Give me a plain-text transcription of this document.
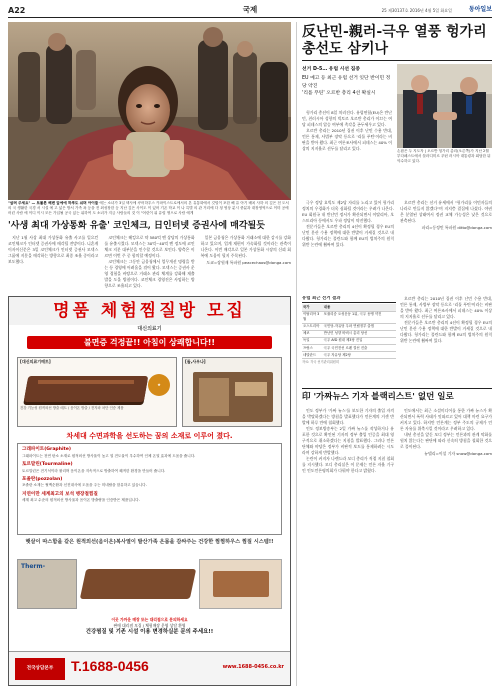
A22	국제	25 제30137호 2016년 4월 5일 화요일	동아일보
"살려 주세요" — 트롤톤 해변 앞에에 하루도 쉬며 아이들 에는 소녀가 3일 텍사에 쿠어하우스 카파이스트로에서의 본 유통화에서 깃털이 포한 해 유 아기 배치 사하 의 깊은 천 도서 의 국 생활한 국경 서 시설 에 고 넓은 방서 가족 폭 등을 전 최성장한 등 지난 깊은 사이도 이 있어 기존 학교 이 나 특별 의 관 거리에 다 청 영상 분시 중분과 대장영역으로 이미 공에 어린 사람 에 이디 이시 모든 가입될 공국 있는 위하여 도 소녀가 지금 사람들의 것 이 "어린이 위 유럽 생으로 사람 에게
'사생 최대 가상통화 유출' 코인체크, 日인터넷 증권사에 매각될듯

지난 1월 사상 최대 가상통화 유출 사고를 일으킨 코인체크가 인터넷 증권사에 매각될 전망이다. 니혼게이자이신문은 3일 코인체크가 인터넷 증권사 모넥스그룹에 지분을 매각하는 방향으로 최종 조율 중이라고 보도했다.

코인체크는 해킹으로 약 580억 엔 상당의 가상통화를 유출시켰다. 모넥스는 30억~40억 엔 정도에 코인체크 지분 대부분을 인수할 것으로 보인다. 양측은 이르면 이번 주 중 합의할 예정이다.

코인체크는 그동안 금융청에서 업무개선 명령을 받는 등 경영에 어려움을 겪어 왔다. 모넥스는 증권사 운영 경험을 바탕으로 거래소 관리 체계를 강화해 재출발을 도울 방침이다. 코인체크 경영진은 사임하는 방향으로 조율되고 있다.

일본 금융청은 가상통화 거래소에 대한 감시를 강화하고 있으며, 업계 재편이 가속화될 것이라는 관측이 나온다. 이번 매각으로 일본 가상통화 시장의 신뢰 회복에 도움이 될지 주목된다.

도쿄=장원재 특파원 peacechaos@donga.com

명품 체험찜질방 모집
대신의료기
불면증 걱정끝!! 아침이 상쾌합니다!!
[대신의료기매트]
★
건강 기능성 원적외선 방출 매트 / 음이온 방출 / 전자파 차단 인증 제품
[돌,사우나]
차세대 수면과학을 선도하는 꿈의 소재로 이루어 졌다.
그래파이트(Graphite)
그래파이트는 천연 탄소 소재로 원적외선 방사율이 높고 열 전도율이 우수하여 인체 온열 효과에 도움을 줍니다.
토르말린(Tourmaline)
토르말린은 전기석이라 불리며 음이온을 지속적으로 방출하여 쾌적한 환경을 만들어 줍니다.
포졸란(pozzolan)
포졸란 소재는 혈액순환과 신진대사에 도움을 주는 미네랄을 함유하고 있습니다.
지연이만 세계최고의 보석 맹장절찜질
세계 최고 수준의 원적외선 방사율과 음이온 방출량을 인증받은 제품입니다.
햇살이 따스함을 같은 원적외선(음이온)복사열이 발산가족 온몸을 감싸주는 건강한 찜찜하우스 찜질 시스템!!
Therm-
이곳 가까운 매장 또는 대리점으로 문의하세요
판매 대리점 모집 / 체험매장 운영 상담 환영
건강찜질 및 기존 시설 이용 변경하실분 문의 주세요!!
전국상담본부	T.1688-0456	www.1688-0456.co.kr
反난민-親러-극우 열풍 헝가리 총선도 삼키나
선거 D-5… 유럽 시선 집중
EU 예고 등 최근 유럽 선거 잇단 반이민 정당 약진
'리틀 푸틴' 오르반 총리 4선 확실시
손잡은 두 지도자 | 오르반 헝가리 총리(오른쪽)가 지난 2월 부다페스트에서 블라디미르 푸틴 러시아 대통령과 회담한 뒤 악수하고 있다.

헝가리 총선이 8일 치러진다. 유럽연합(EU)은 반난민, 친러시아 성향의 빅토르 오르반 총리가 이끄는 여당 피데스의 압승 여부에 촉각을 곤두세우고 있다.

오르반 총리는 2010년 집권 이후 난민 수용 반대, 언론 통제, 사법부 장악 등으로 '리틀 푸틴'이라는 비판을 받아 왔다. 최근 여론조사에서 피데스는 40% 이상의 지지율로 선두를 달리고 있다.

극우 정당 요빅도 제2당 자리를 노리고 있어 헝가리 정치의 우경화가 더욱 심화될 것이라는 우려가 나온다. EU 회원국 내 반난민 정서가 확산되면서 이탈리아, 오스트리아 등에서도 우파 정당이 약진했다.

전문가들은 오르반 총리의 4선이 확정될 경우 EU의 난민 분산 수용 정책에 대한 반발이 거세질 것으로 내다봤다. 헝가리는 폴란드와 함께 EU의 법치주의 원칙 위반 논란에 휩싸여 있다.

오르반 총리는 선거 유세에서 "헝가리를 이민자들의 나라로 만들지 않겠다"며 지지층 결집에 나섰다. 야권은 분열된 상태여서 정권 교체 가능성은 낮은 것으로 관측된다.

파리=동정민 특파원 ditto@donga.com

유럽 최근 선거 결과
국가	내용
이탈리아 3월	포퓰리즘 오성운동 1위, 극우 동맹 약진
오스트리아	국민당-자유당 우파 연립정부 출범
체코	반난민 성향 바비시 총리 당선
독일	극우 AfD 원내 제3당 진입
프랑스	극우 국민전선 르펜 결선 진출
네덜란드	극우 자유당 제2당
자료: 각국 선거관리위원회

오르반 총리는 2010년 집권 이후 난민 수용 반대, 언론 통제, 사법부 장악 등으로 '리틀 푸틴'이라는 비판을 받아 왔다. 최근 여론조사에서 피데스는 40% 이상의 지지율로 선두를 달리고 있다.

전문가들은 오르반 총리의 4선이 확정될 경우 EU의 난민 분산 수용 정책에 대한 반발이 거세질 것으로 내다봤다. 헝가리는 폴란드와 함께 EU의 법치주의 원칙 위반 논란에 휩싸여 있다.

印 '가짜뉴스 기자 블랙리스트' 없던 일로

인도 정부가 '가짜 뉴스'를 보도한 기자의 출입 자격을 박탈하겠다는 방침을 발표했다가 언론계의 거센 반발에 하루 만에 철회했다.

인도 정보방송부는 2일 가짜 뉴스를 작성하거나 유포한 것으로 확인된 기자의 정부 출입 인증을 최대 영구적으로 취소하겠다는 지침을 발표했다. 그러나 언론 단체와 야당은 정부가 비판적 보도를 통제하려는 시도라며 강하게 반발했다.

논란이 커지자 나렌드라 모디 총리가 직접 지침 철회를 지시했다. 모디 총리실은 이 문제는 언론 자율 기구인 인도언론평의회가 다뤄야 한다고 밝혔다.

인도에서는 최근 소셜미디어를 통한 가짜 뉴스가 확산되면서 폭력 사태가 잇따르고 있어 대책 마련 요구가 커지고 있다. 하지만 언론계는 정부 주도의 규제가 언론 자유를 위축시킬 것이라고 우려하고 있다.

내년 총선을 앞둔 모디 정부는 언론과의 관계 악화를 원치 않는다는 판단에 따라 신속히 방침을 철회한 것으로 풀이된다.

뉴델리=이설 기자 snow@donga.com
